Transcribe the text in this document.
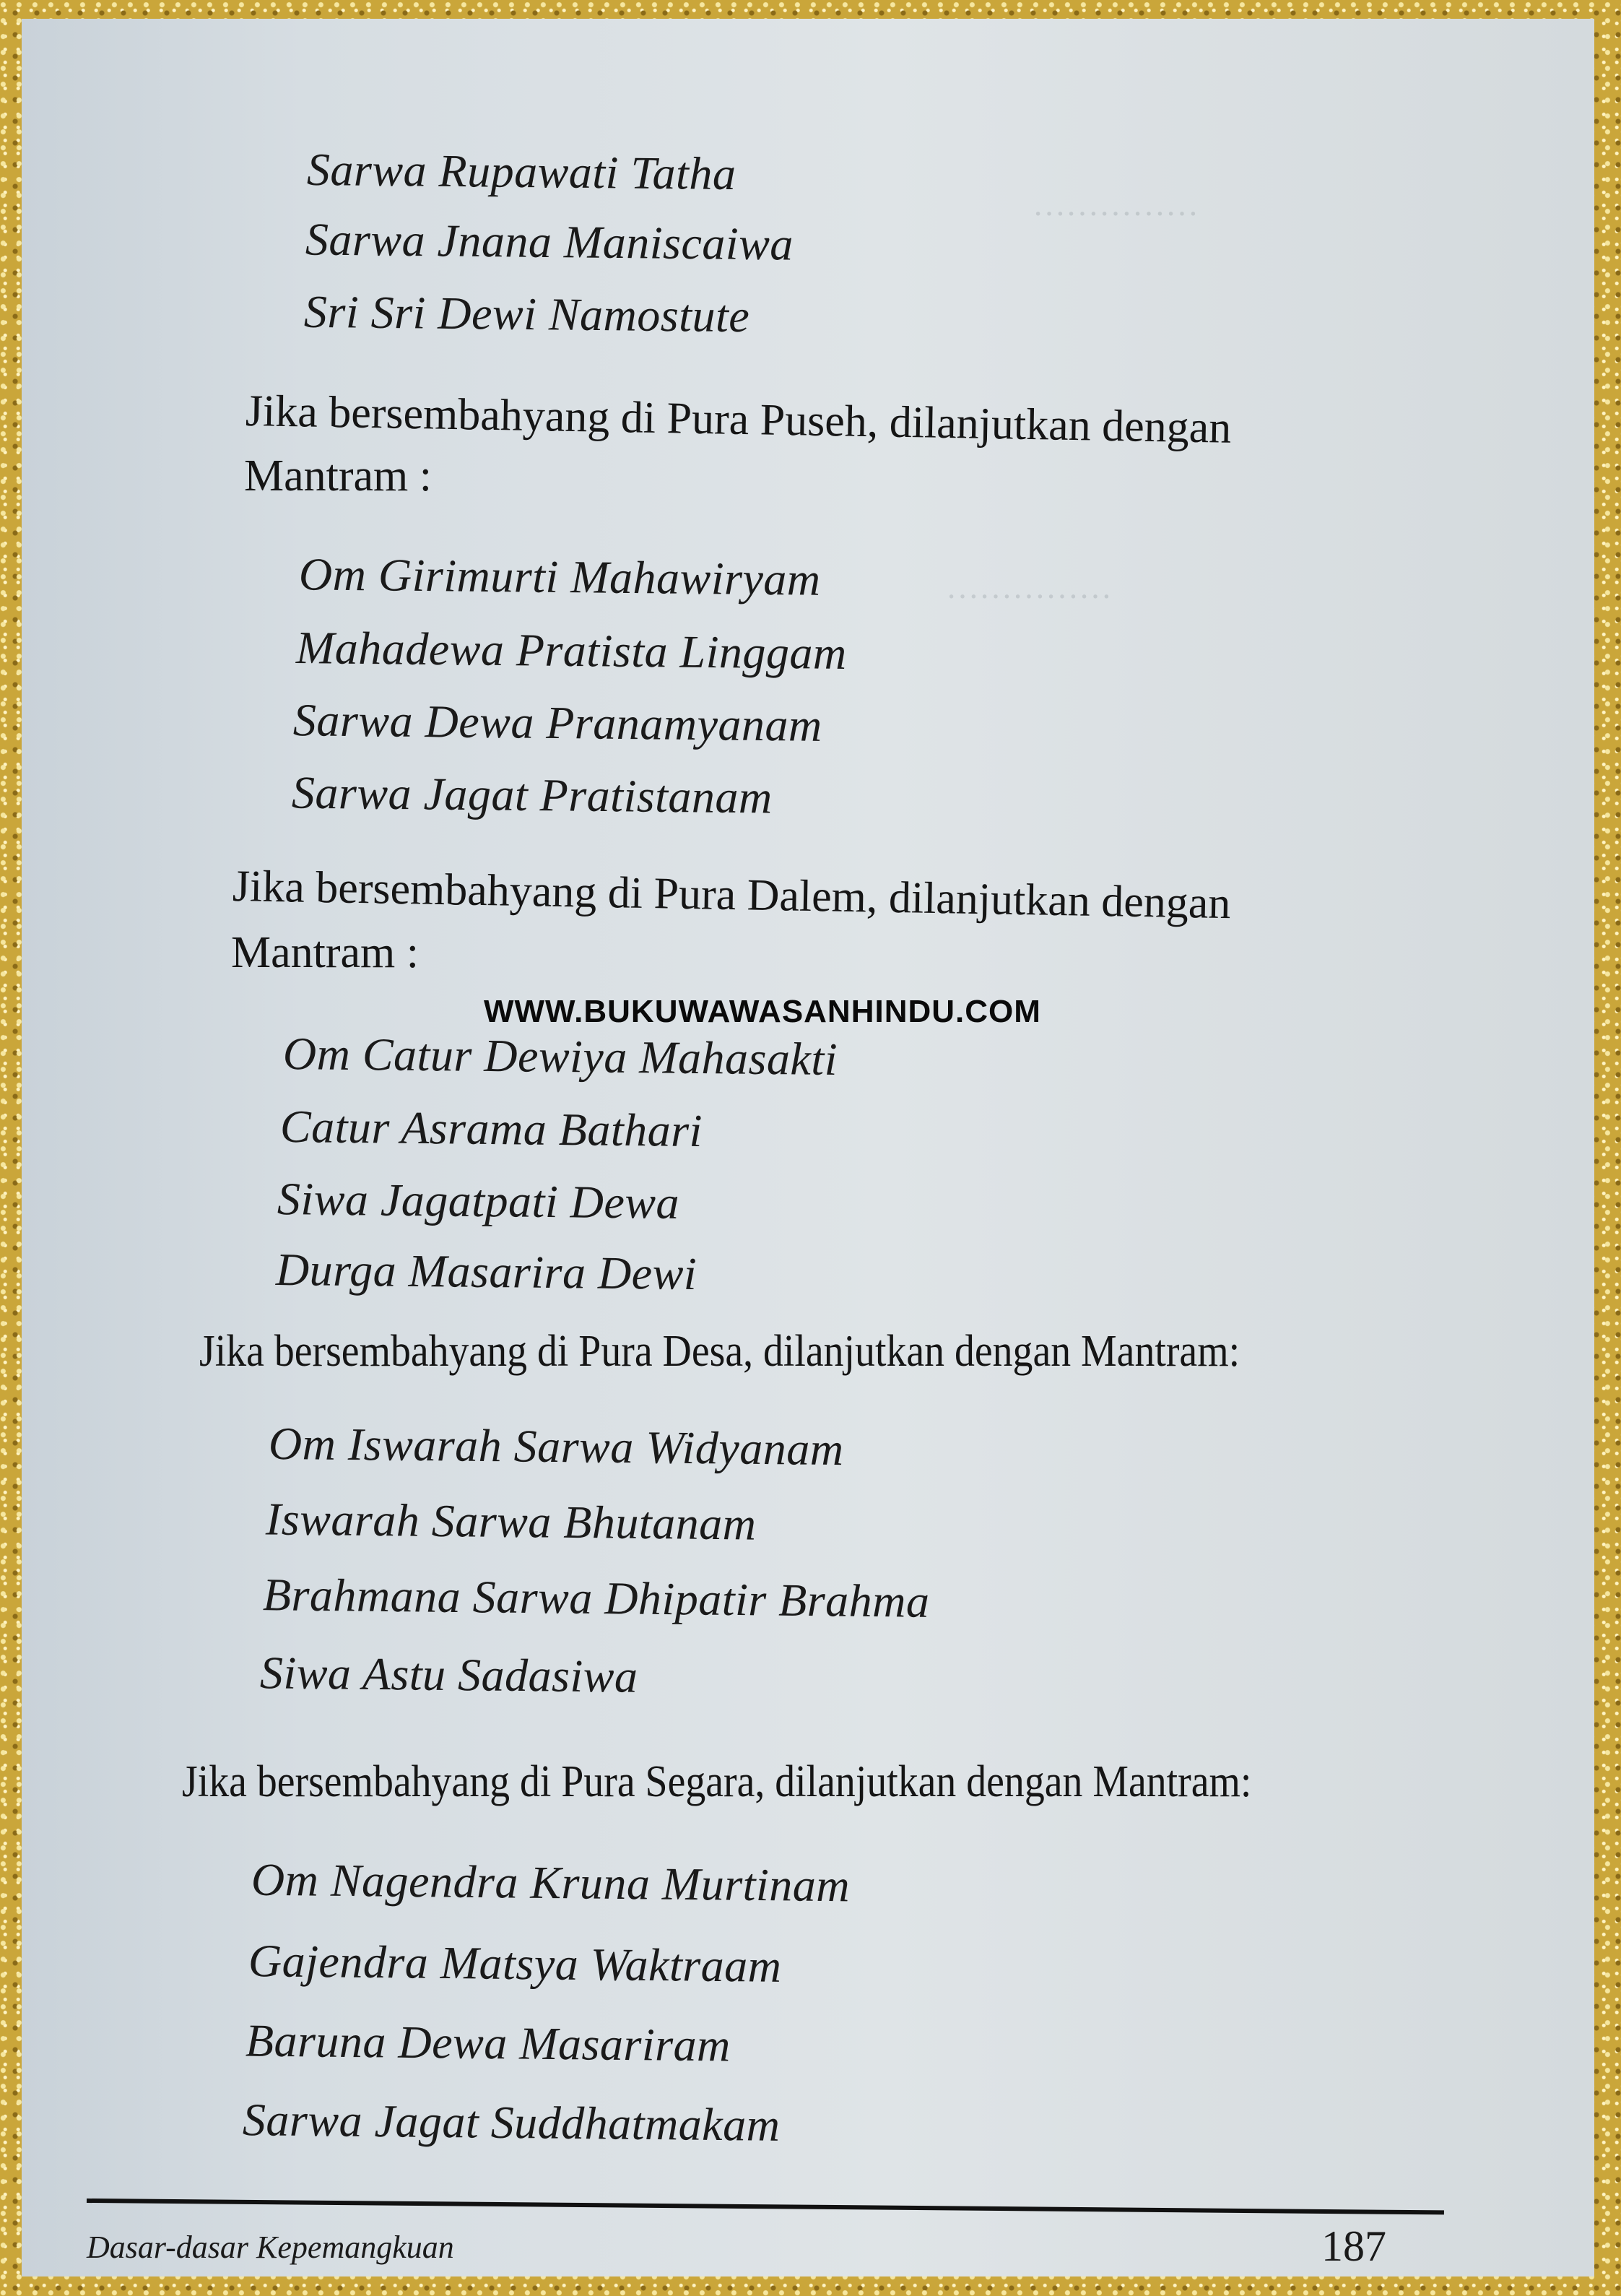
……………
……………
Sarwa Rupawati Tatha
Sarwa Jnana Maniscaiwa
Sri Sri Dewi Namostute
Jika bersembahyang di Pura Puseh, dilanjutkan dengan
Mantram :
Om Girimurti Mahawiryam
Mahadewa Pratista Linggam
Sarwa Dewa Pranamyanam
Sarwa Jagat Pratistanam
Jika bersembahyang di Pura Dalem, dilanjutkan dengan
Mantram :
WWW.BUKUWAWASANHINDU.COM
Om Catur Dewiya Mahasakti
Catur Asrama Bathari
Siwa Jagatpati Dewa
Durga Masarira Dewi
Jika bersembahyang di Pura Desa, dilanjutkan dengan Mantram:
Om Iswarah Sarwa Widyanam
Iswarah Sarwa Bhutanam
Brahmana Sarwa Dhipatir Brahma
Siwa Astu Sadasiwa
Jika bersembahyang di Pura Segara, dilanjutkan dengan Mantram:
Om Nagendra Kruna Murtinam
Gajendra Matsya Waktraam
Baruna Dewa Masariram
Sarwa Jagat Suddhatmakam
Dasar-dasar Kepemangkuan	187
